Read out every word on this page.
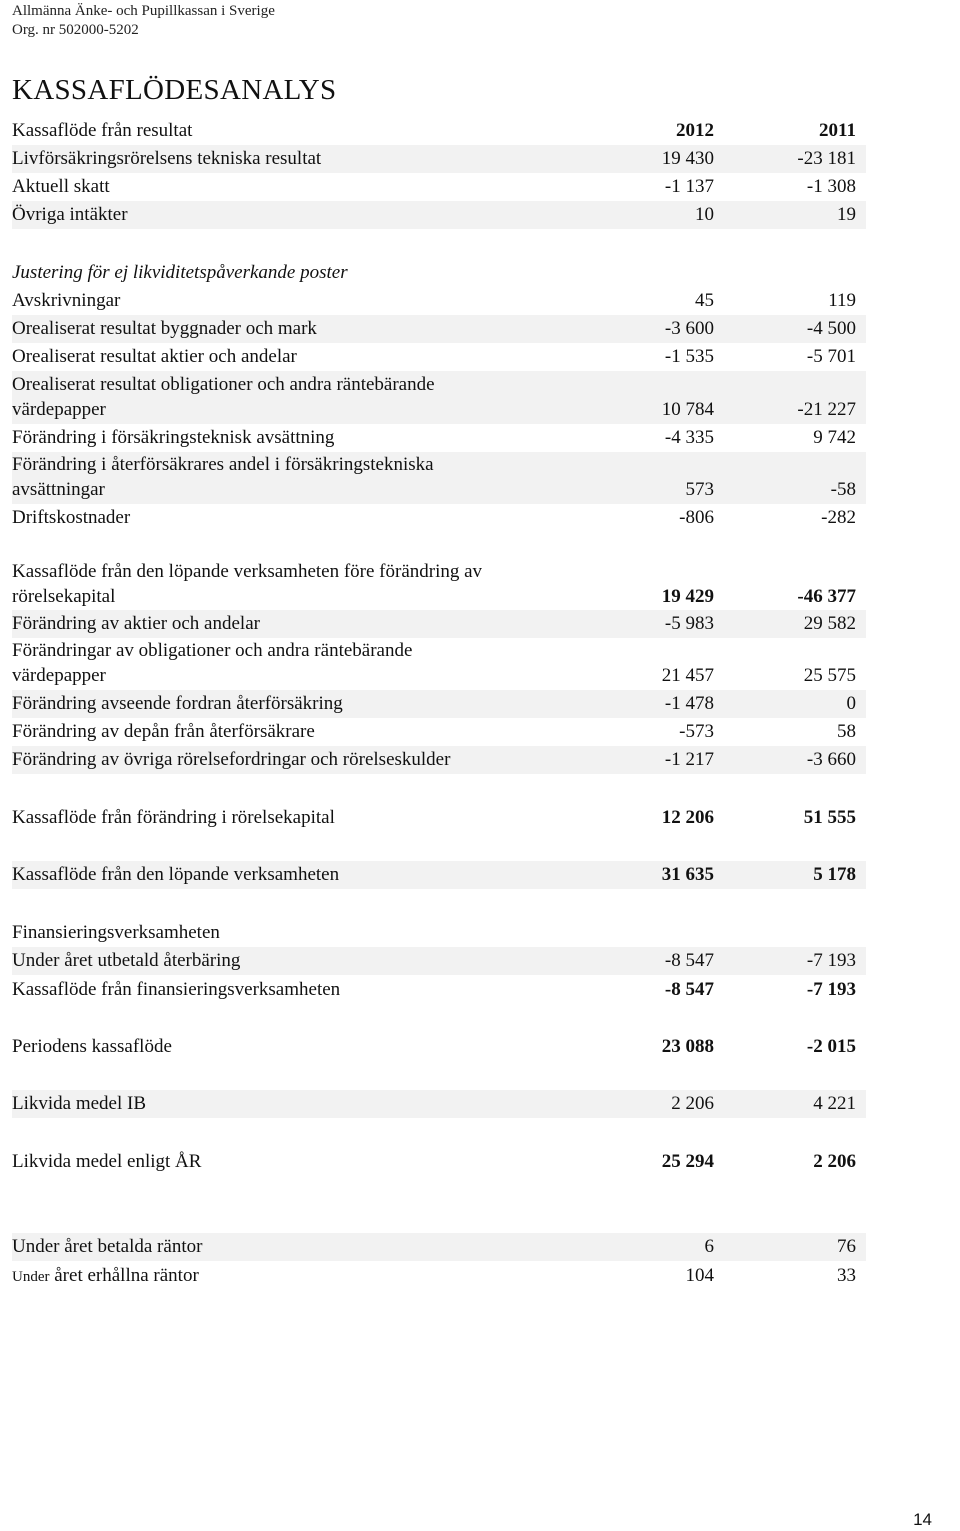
Allmänna Änke- och Pupillkassan i Sverige
Org. nr 502000-5202
KASSAFLÖDESANALYS
Kassaflöde från resultat	2012	2011
Livförsäkringsrörelsens tekniska resultat	19 430	-23 181
Aktuell skatt	-1 137	-1 308
Övriga intäkter	10	19
Justering för ej likviditetspåverkande poster
Avskrivningar	45	119
Orealiserat resultat byggnader och mark	-3 600	-4 500
Orealiserat resultat aktier och andelar	-1 535	-5 701
Orealiserat resultat obligationer och andra räntebärande
värdepapper	10 784	-21 227
Förändring i försäkringsteknisk avsättning	-4 335	9 742
Förändring i återförsäkrares andel i försäkringstekniska
avsättningar	573	-58
Driftskostnader	-806	-282
Kassaflöde från den löpande verksamheten före förändring av
rörelsekapital	19 429	-46 377
Förändring av aktier och andelar	-5 983	29 582
Förändringar av obligationer och andra räntebärande
värdepapper	21 457	25 575
Förändring avseende fordran återförsäkring	-1 478	0
Förändring av depån från återförsäkrare	-573	58
Förändring av övriga rörelsefordringar och rörelseskulder	-1 217	-3 660
Kassaflöde från förändring i rörelsekapital	12 206	51 555
Kassaflöde från den löpande verksamheten	31 635	5 178
Finansieringsverksamheten
Under året utbetald återbäring	-8 547	-7 193
Kassaflöde från finansieringsverksamheten	-8 547	-7 193
Periodens kassaflöde	23 088	-2 015
Likvida medel IB	2 206	4 221
Likvida medel enligt ÅR	25 294	2 206
Under året betalda räntor	6	76
Under året erhållna räntor	104	33
14
